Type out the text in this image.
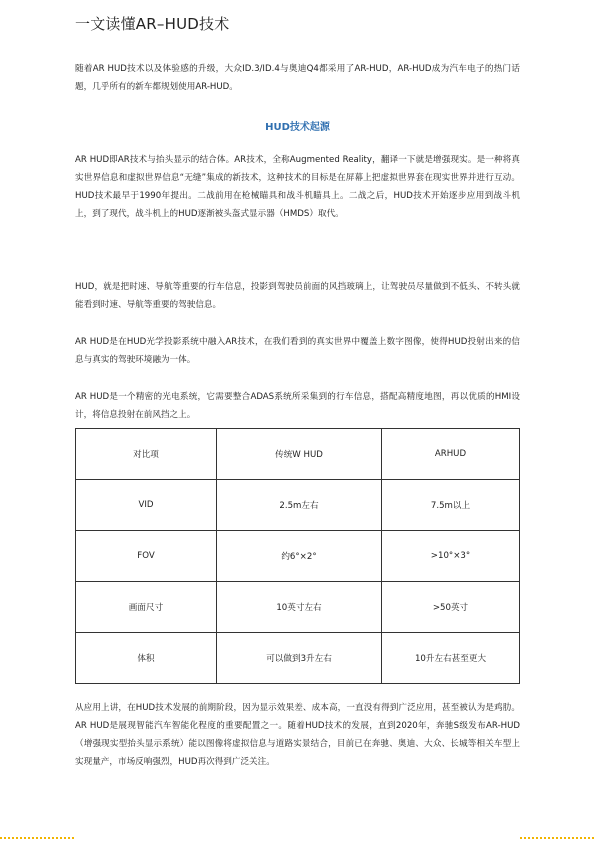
一文读懂AR–HUD技术

随着AR HUD技术以及体验感的升级，大众ID.3/ID.4与奥迪Q4都采用了AR-HUD，AR-HUD成为汽车电子的热门话题，几乎所有的新车都规划使用AR-HUD。

HUD技术起源

AR HUD即AR技术与抬头显示的结合体。AR技术，全称Augmented Reality，翻译一下就是增强现实。是一种将真实世界信息和虚拟世界信息“无缝”集成的新技术，这种技术的目标是在屏幕上把虚拟世界套在现实世界并进行互动。HUD技术最早于1990年提出。二战前用在枪械瞄具和战斗机瞄具上。二战之后，HUD技术开始逐步应用到战斗机上，到了现代，战斗机上的HUD逐渐被头盔式显示器（HMDS）取代。

HUD，就是把时速、导航等重要的行车信息，投影到驾驶员前面的风挡玻璃上，让驾驶员尽量做到不低头、不转头就能看到时速、导航等重要的驾驶信息。

AR HUD是在HUD光学投影系统中融入AR技术，在我们看到的真实世界中覆盖上数字图像，使得HUD投射出来的信息与真实的驾驶环境融为一体。

AR HUD是一个精密的光电系统，它需要整合ADAS系统所采集到的行车信息，搭配高精度地图，再以优质的HMI设计，将信息投射在前风挡之上。

对比项	传统W HUD	ARHUD
VID	2.5m左右	7.5m以上
FOV	约6°×2°	>10°×3°
画面尺寸	10英寸左右	>50英寸
体积	可以做到3升左右	10升左右甚至更大

从应用上讲，在HUD技术发展的前期阶段，因为显示效果差、成本高，一直没有得到广泛应用，甚至被认为是鸡肋。AR HUD是展现智能汽车智能化程度的重要配置之一。随着HUD技术的发展，直到2020年，奔驰S级发布AR-HUD（增强现实型抬头显示系统）能以图像将虚拟信息与道路实景结合，目前已在奔驰、奥迪、大众、长城等相关车型上实现量产，市场反响强烈，HUD再次得到广泛关注。
